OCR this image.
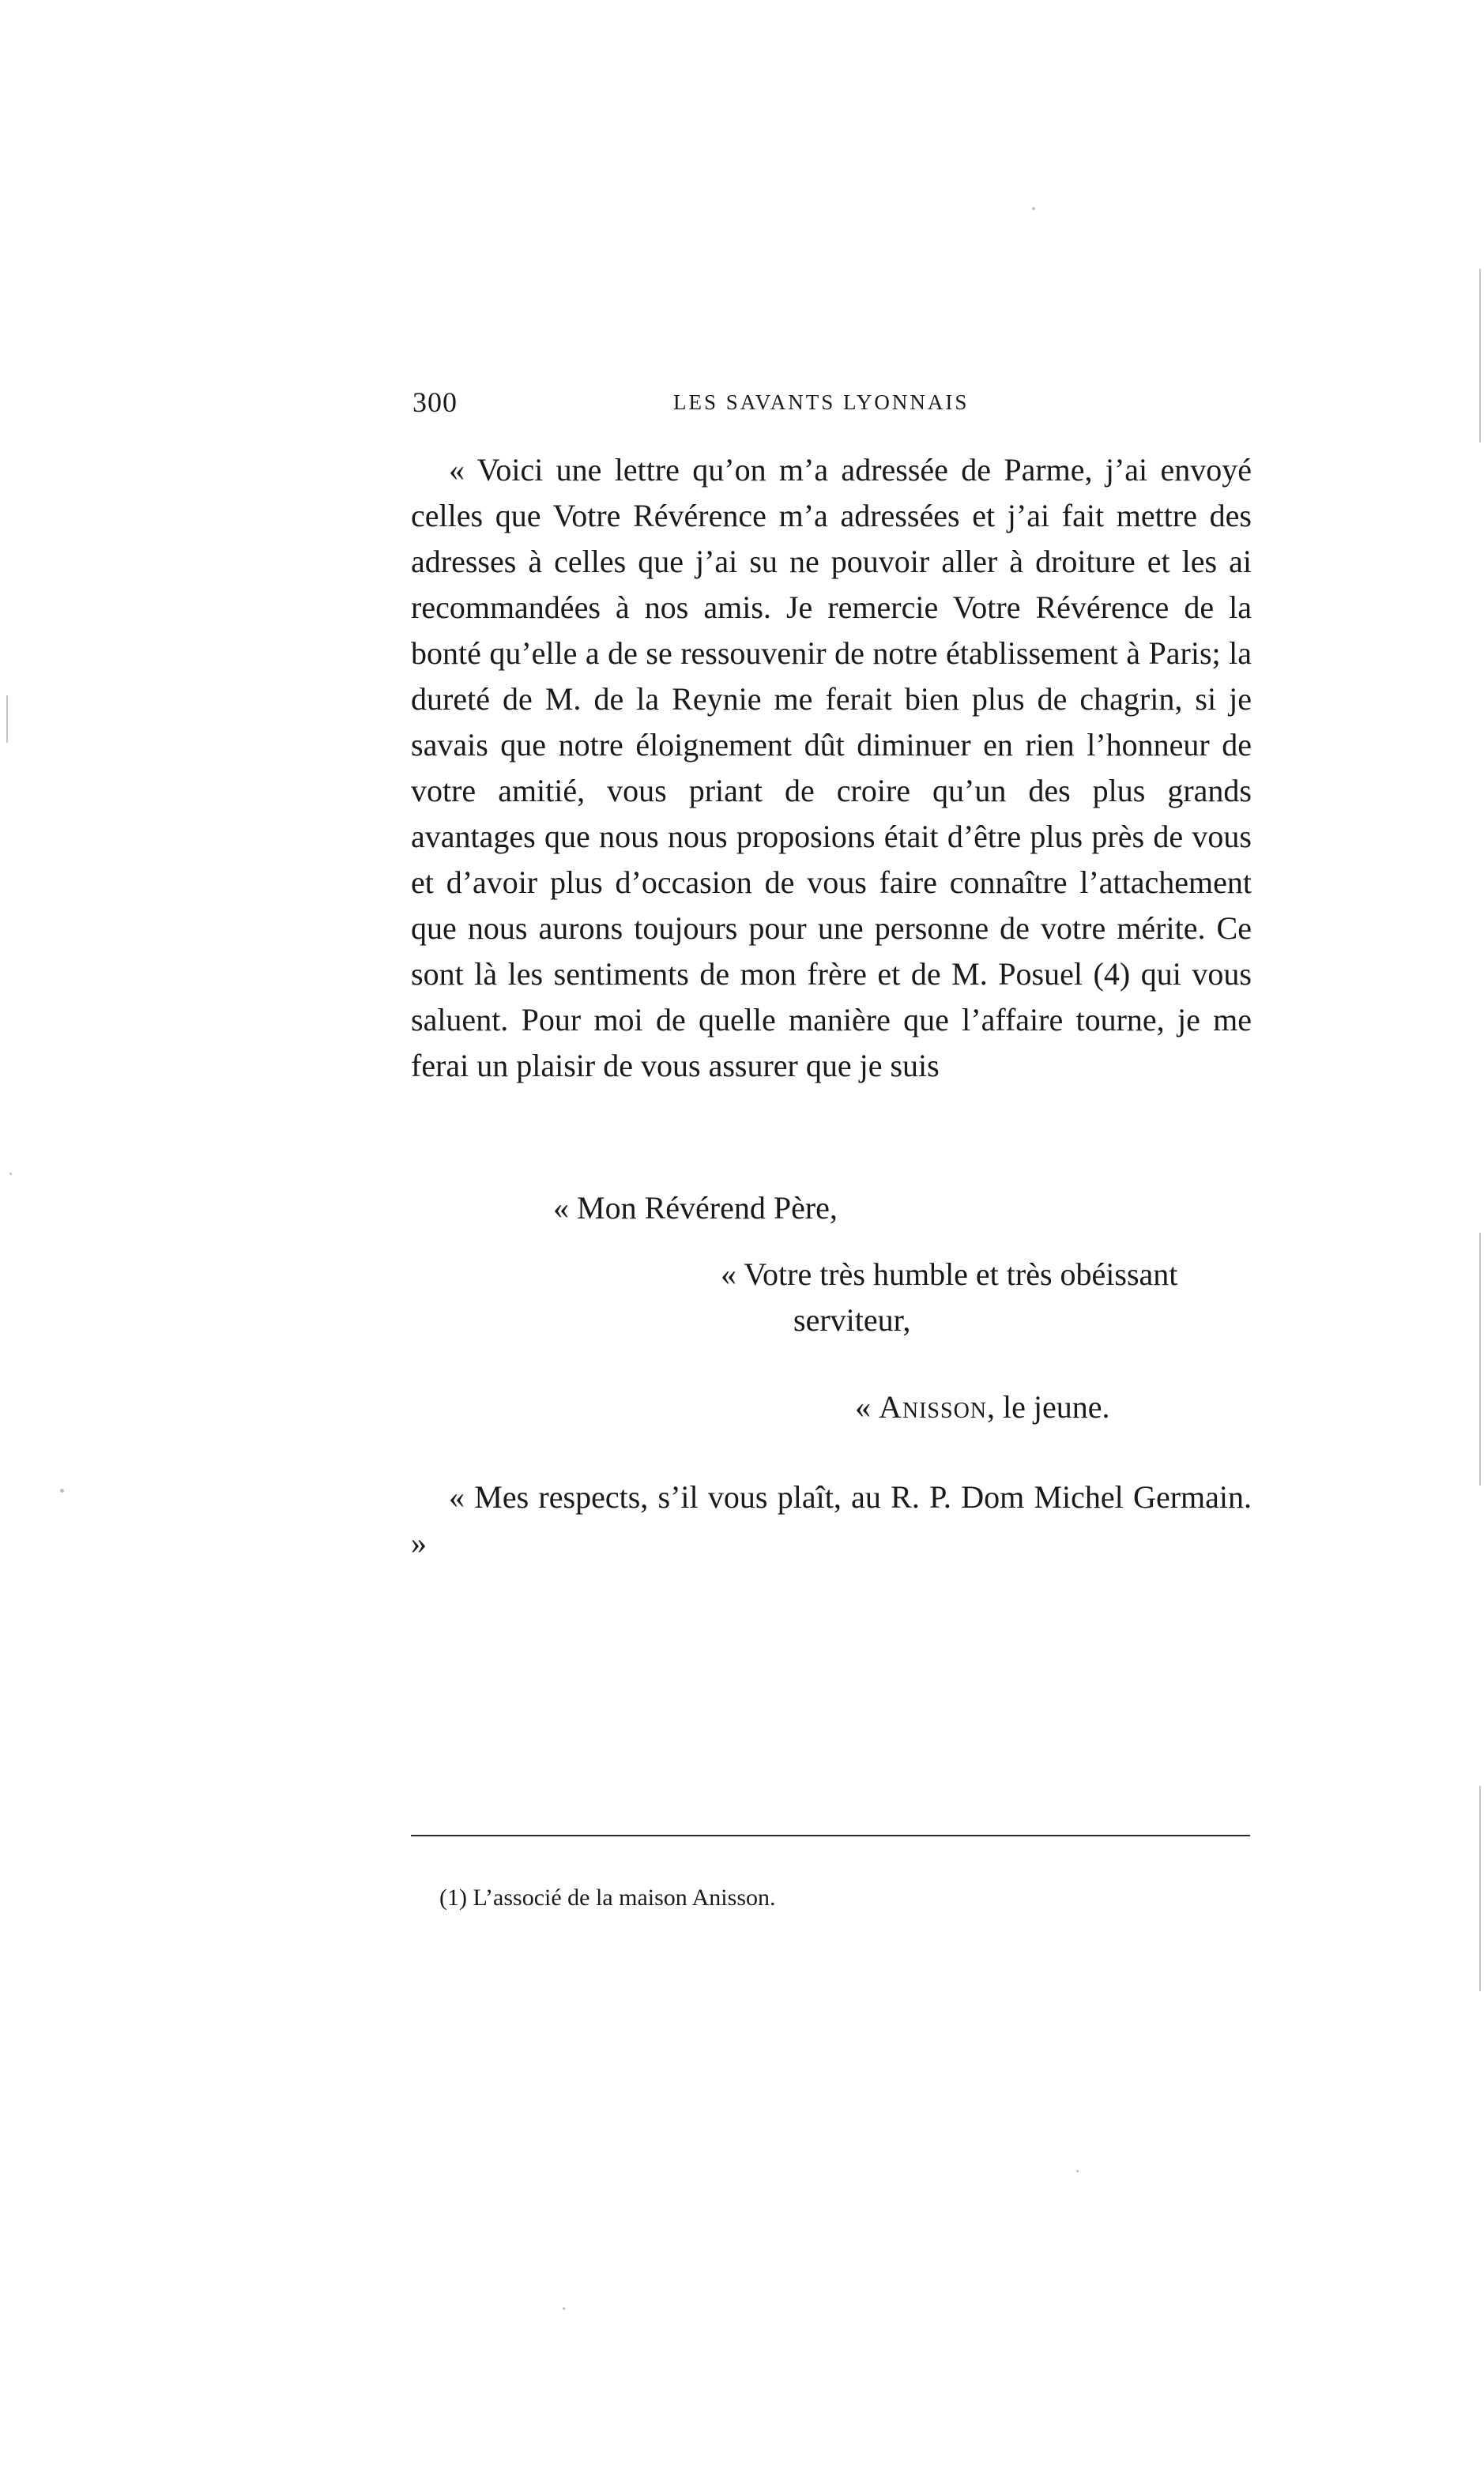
300	LES SAVANTS LYONNAIS

« Voici une lettre qu’on m’a adressée de Parme, j’ai envoyé celles que Votre Révérence m’a adressées et j’ai fait mettre des adresses à celles que j’ai su ne pouvoir aller à droiture et les ai recommandées à nos amis. Je remercie Votre Révérence de la bonté qu’elle a de se ressouvenir de notre établissement à Paris; la dureté de M. de la Reynie me ferait bien plus de chagrin, si je savais que notre éloignement dût diminuer en rien l’honneur de votre amitié, vous priant de croire qu’un des plus grands avantages que nous nous proposions était d’être plus près de vous et d’avoir plus d’occasion de vous faire connaître l’attachement que nous aurons toujours pour une personne de votre mérite. Ce sont là les sentiments de mon frère et de M. Posuel (4) qui vous saluent. Pour moi de quelle manière que l’affaire tourne, je me ferai un plaisir de vous assurer que je suis

« Mon Révérend Père,
« Votre très humble et très obéissant
serviteur,
« Anisson, le jeune.

« Mes respects, s’il vous plaît, au R. P. Dom Michel Germain. »

(1) L’associé de la maison Anisson.
